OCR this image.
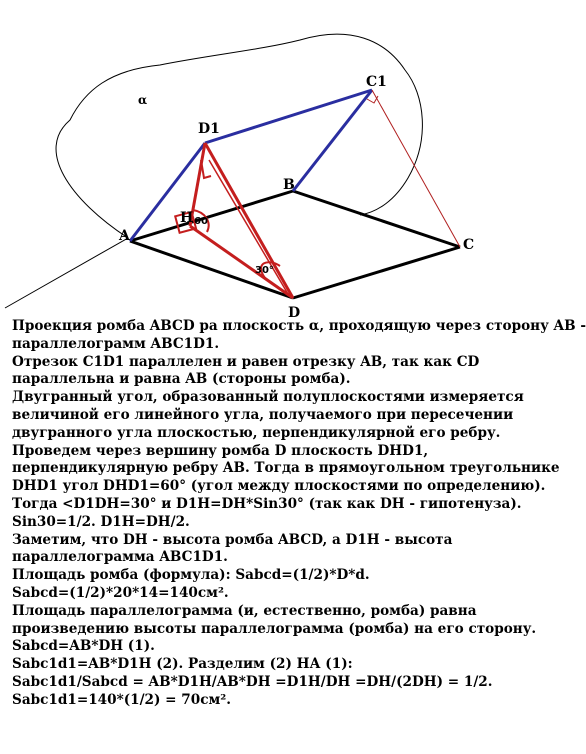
α
A
B
C
D
C1
D1
H 60
30°
Проекция ромба ABCD ра плоскость α, проходящую через сторону AB -
параллелограмм ABC1D1.
Отрезок C1D1 параллелен и равен отрезку AB, так как CD
параллельна и равна AB (стороны ромба).
Двугранный угол, образованный полуплоскостями измеряется
величиной его линейного угла, получаемого при пересечении
двугранного угла плоскостью, перпендикулярной его ребру.
Проведем через вершину ромба D плоскость DHD1,
перпендикулярную ребру AB. Тогда в прямоугольном треугольнике
DHD1 угол DHD1=60° (угол между плоскостями по определению).
Тогда <D1DH=30° и D1H=DH*Sin30° (так как DH - гипотенуза).
Sin30=1/2. D1H=DH/2.
Заметим, что DH - высота ромба ABCD, а D1H - высота
параллелограмма ABC1D1.
Площадь ромба (формула): Sabcd=(1/2)*D*d.
Sabcd=(1/2)*20*14=140см².
Площадь параллелограмма (и, естественно, ромба) равна
произведению высоты параллелограмма (ромба) на его сторону.
Sabcd=AB*DH (1).
Sabc1d1=AB*D1H (2). Разделим (2) НА (1):
Sabc1d1/Sabcd = AB*D1H/AB*DH =D1H/DH =DH/(2DH) = 1/2.
Sabc1d1=140*(1/2) = 70см².
